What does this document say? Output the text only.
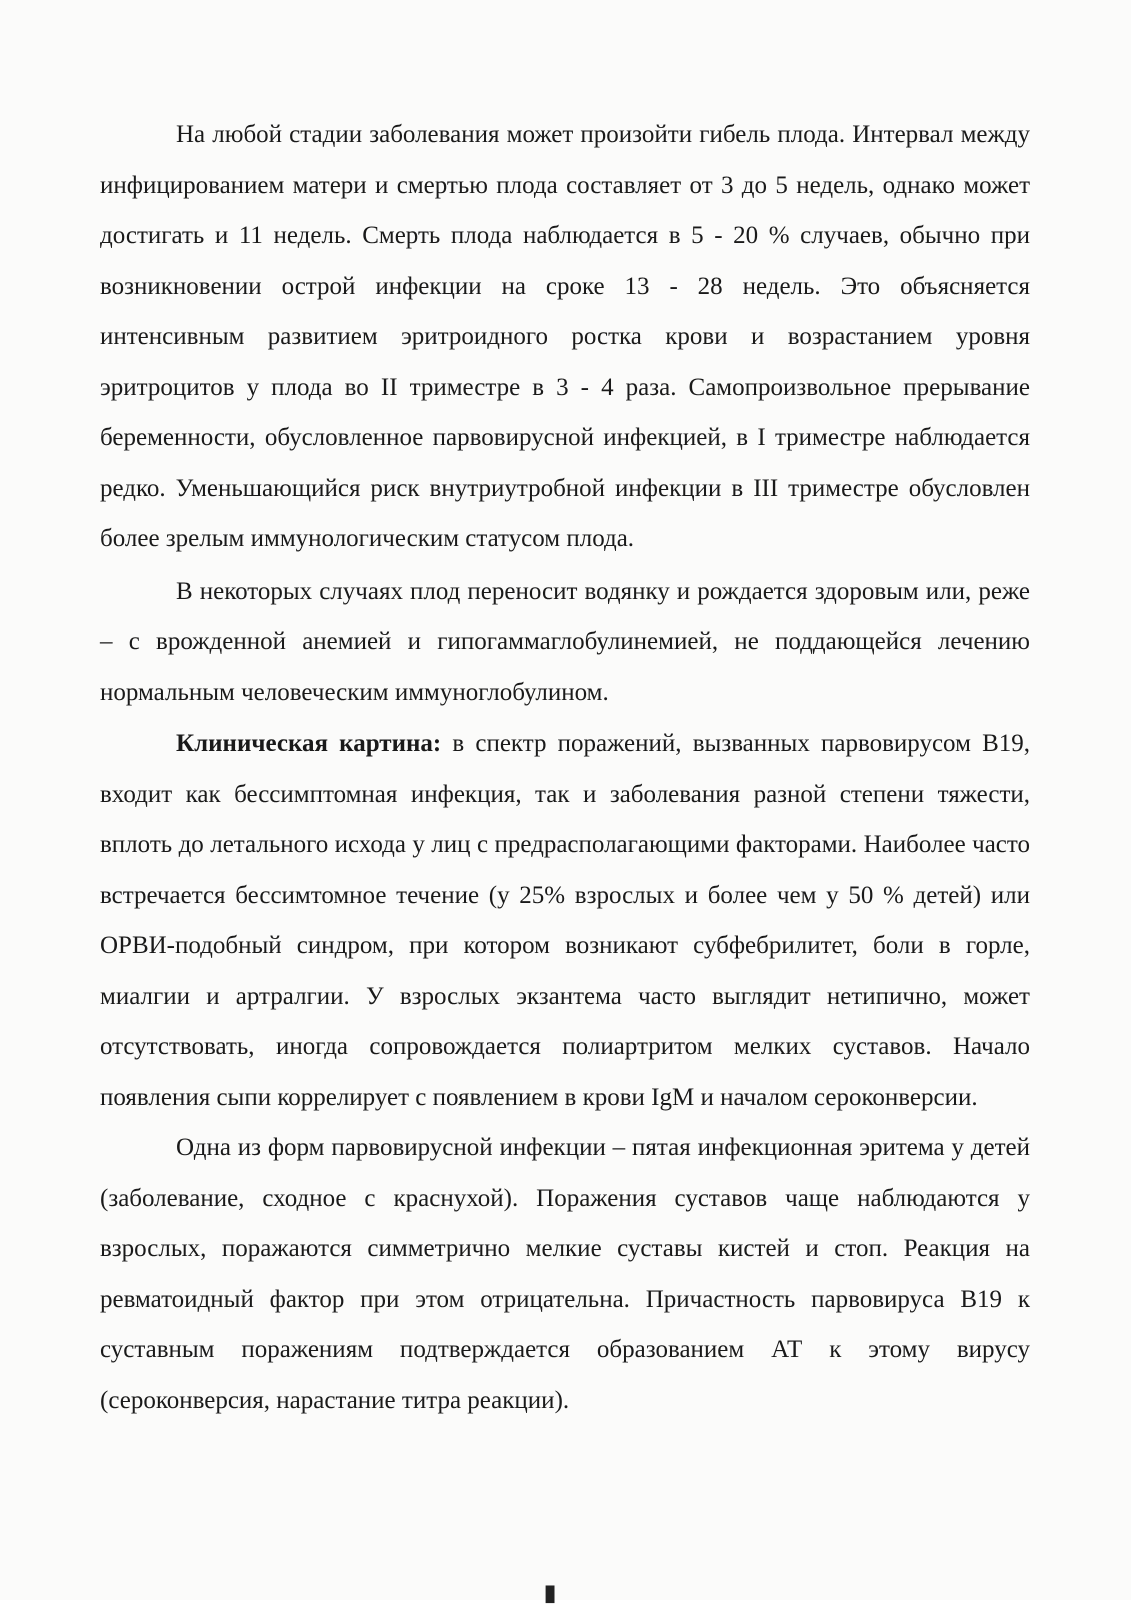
На любой стадии заболевания может произойти гибель плода. Интервал между инфицированием матери и смертью плода составляет от 3 до 5 недель, однако может достигать и 11 недель. Смерть плода наблюдается в 5 - 20 % случаев, обычно при возникновении острой инфекции на сроке 13 - 28 недель. Это объясняется интенсивным развитием эритроидного ростка крови и возрастанием уровня эритроцитов у плода во II триместре в 3 - 4 раза. Самопроизвольное прерывание беременности, обусловленное парвовирусной инфекцией, в I триместре наблюдается редко. Уменьшающийся риск внутриутробной инфекции в III триместре обусловлен более зрелым иммунологическим статусом плода.

В некоторых случаях плод переносит водянку и рождается здоровым или, реже – с врожденной анемией и гипогаммаглобулинемией, не поддающейся лечению нормальным человеческим иммуноглобулином.

Клиническая картина: в спектр поражений, вызванных парвовирусом В19, входит как бессимптомная инфекция, так и заболевания разной степени тяжести, вплоть до летального исхода у лиц с предрасполагающими факторами. Наиболее часто встречается бессимтомное течение (у 25% взрослых и более чем у 50 % детей) или ОРВИ-подобный синдром, при котором возникают субфебрилитет, боли в горле, миалгии и артралгии. У взрослых экзантема часто выглядит нетипично, может отсутствовать, иногда сопровождается полиартритом мелких суставов. Начало появления сыпи коррелирует с появлением в крови IgM и началом сероконверсии.

Одна из форм парвовирусной инфекции – пятая инфекционная эритема у детей (заболевание, сходное с краснухой). Поражения суставов чаще наблюдаются у взрослых, поражаются симметрично мелкие суставы кистей и стоп. Реакция на ревматоидный фактор при этом отрицательна. Причастность парвовируса В19 к суставным поражениям подтверждается образованием АТ к этому вирусу (сероконверсия, нарастание титра реакции).

▮
